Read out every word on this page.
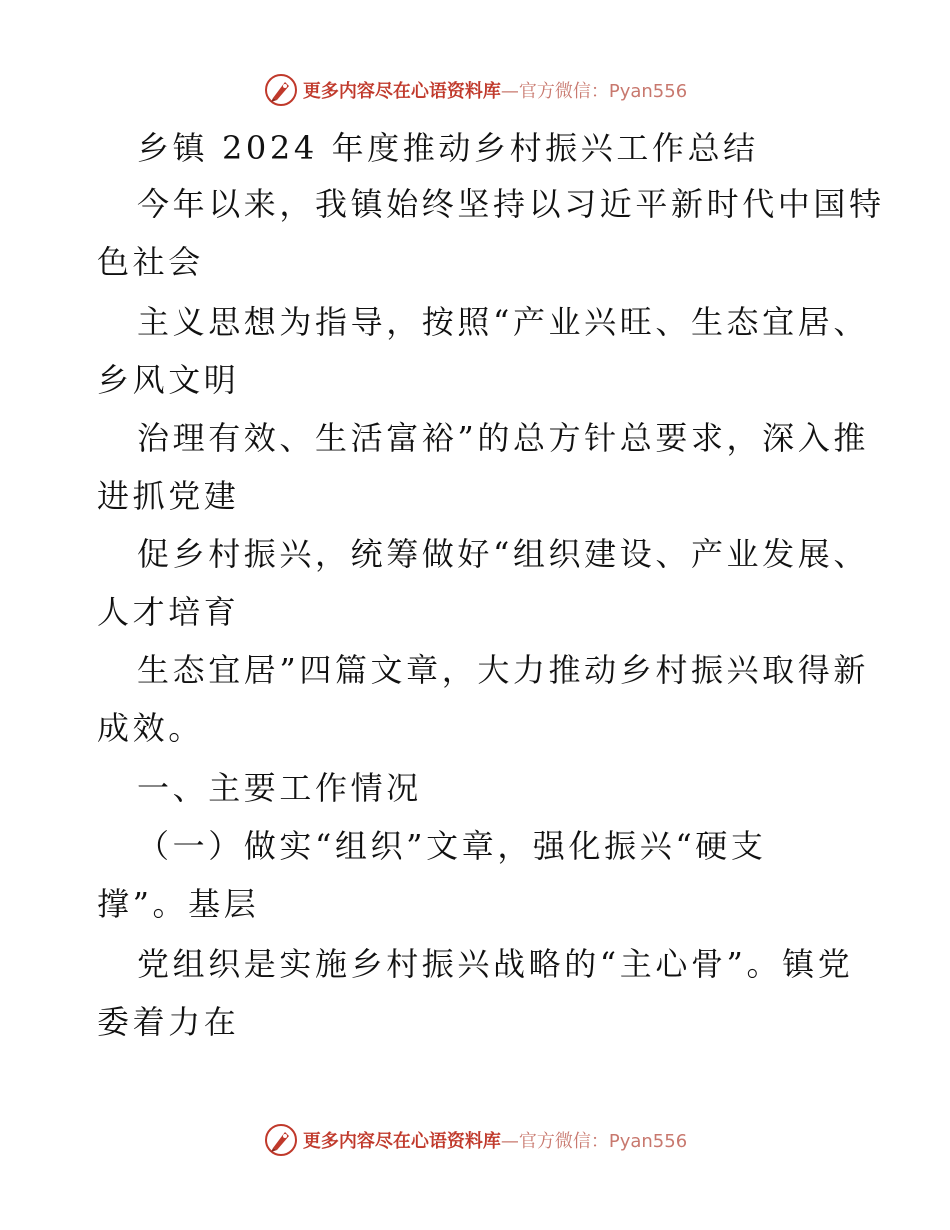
更多内容尽在心语资料库—官方微信：Pyan556
乡镇 2024 年度推动乡村振兴工作总结
今年以来，我镇始终坚持以习近平新时代中国特
色社会
主义思想为指导，按照“产业兴旺、生态宜居、
乡风文明
治理有效、生活富裕”的总方针总要求，深入推
进抓党建
促乡村振兴，统筹做好“组织建设、产业发展、
人才培育
生态宜居”四篇文章，大力推动乡村振兴取得新
成效。
一、主要工作情况
（一）做实“组织”文章，强化振兴“硬支
撑”。基层
党组织是实施乡村振兴战略的“主心骨”。镇党
委着力在
更多内容尽在心语资料库—官方微信：Pyan556
